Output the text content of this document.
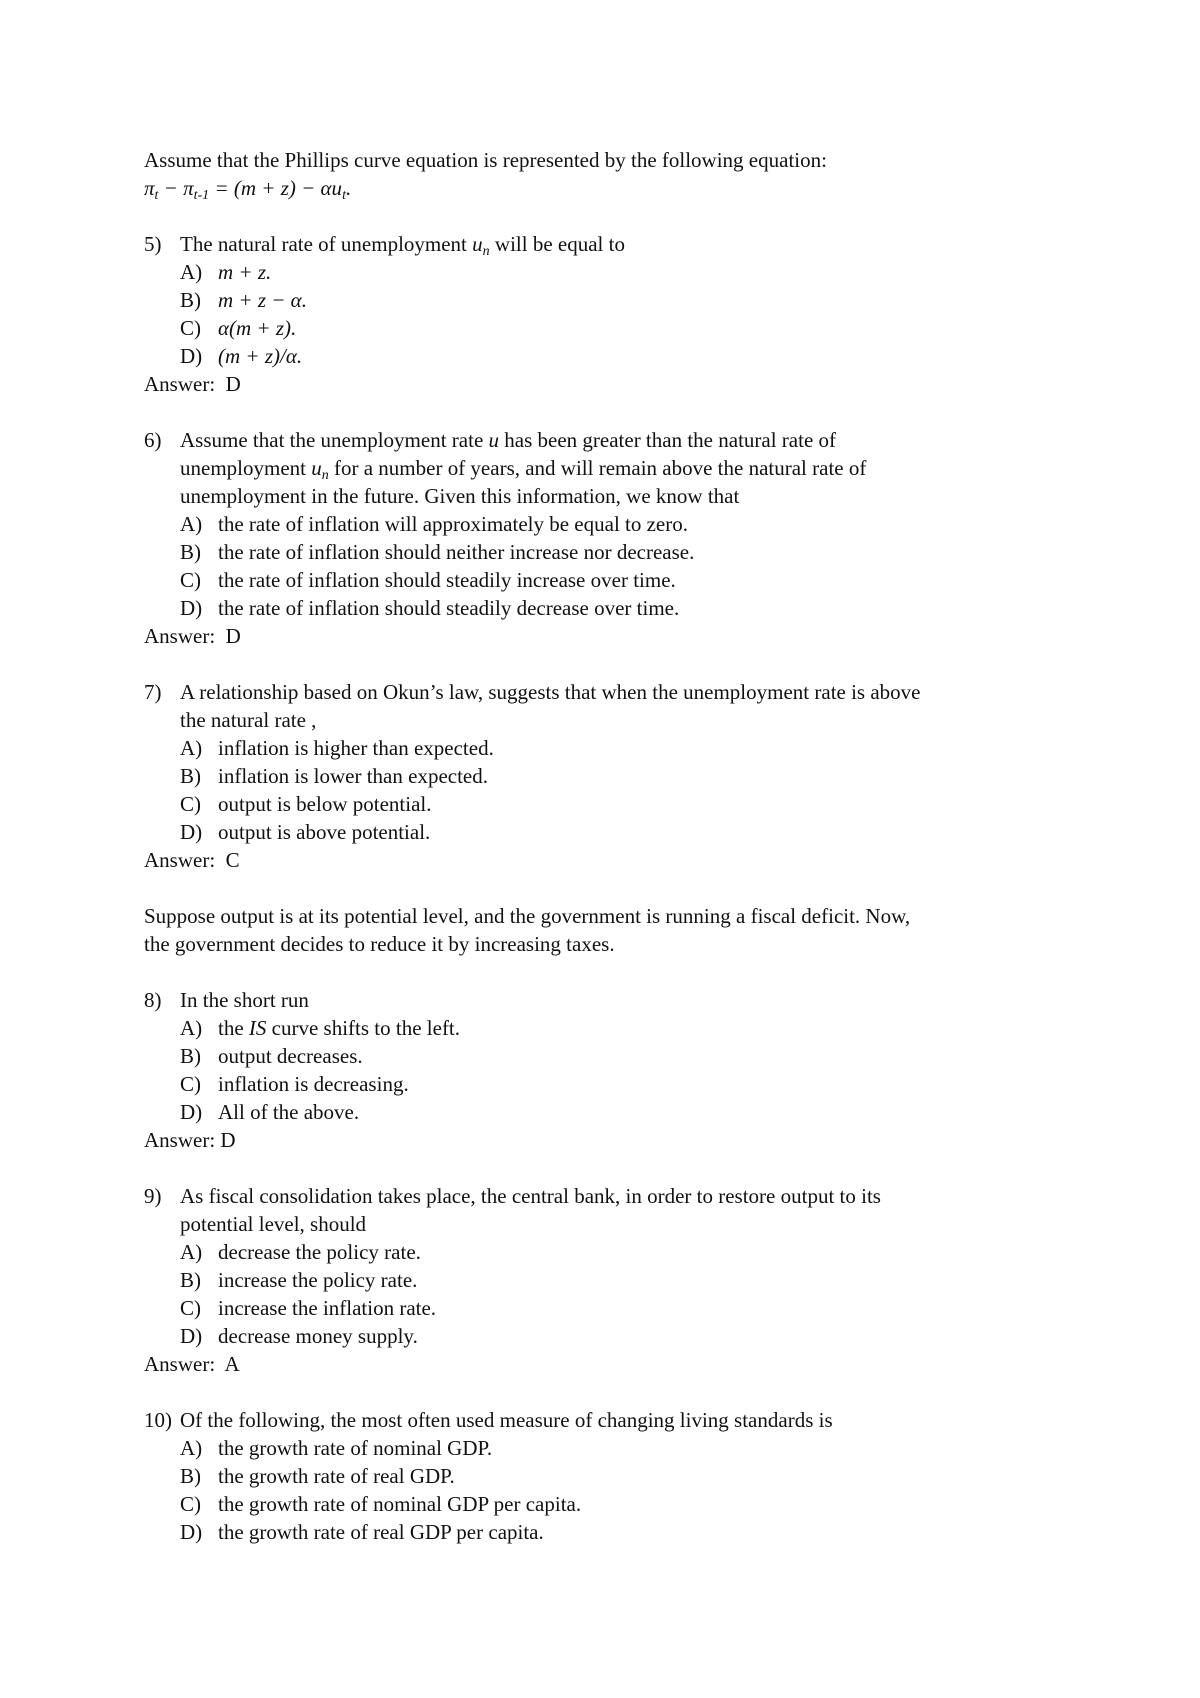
Assume that the Phillips curve equation is represented by the following equation:
$\pi_t - \pi_{t-1} = (m + z) - \alpha u_t$.
5) The natural rate of unemployment $u_n$ will be equal to
A) m + z.
B) m + z − α.
C) α(m + z).
D) (m + z)/α.
Answer:  D
6) Assume that the unemployment rate u has been greater than the natural rate of
unemployment $u_n$ for a number of years, and will remain above the natural rate of
unemployment in the future. Given this information, we know that
A) the rate of inflation will approximately be equal to zero.
B) the rate of inflation should neither increase nor decrease.
C) the rate of inflation should steadily increase over time.
D) the rate of inflation should steadily decrease over time.
Answer:  D
7) A relationship based on Okun’s law, suggests that when the unemployment rate is above
the natural rate ,
A) inflation is higher than expected.
B) inflation is lower than expected.
C) output is below potential.
D) output is above potential.
Answer:  C
Suppose output is at its potential level, and the government is running a fiscal deficit. Now,
the government decides to reduce it by increasing taxes.
8) In the short run
A) the IS curve shifts to the left.
B) output decreases.
C) inflation is decreasing.
D) All of the above.
Answer: D
9) As fiscal consolidation takes place, the central bank, in order to restore output to its
potential level, should
A) decrease the policy rate.
B) increase the policy rate.
C) increase the inflation rate.
D) decrease money supply.
Answer:  A
10) Of the following, the most often used measure of changing living standards is
A) the growth rate of nominal GDP.
B) the growth rate of real GDP.
C) the growth rate of nominal GDP per capita.
D) the growth rate of real GDP per capita.
